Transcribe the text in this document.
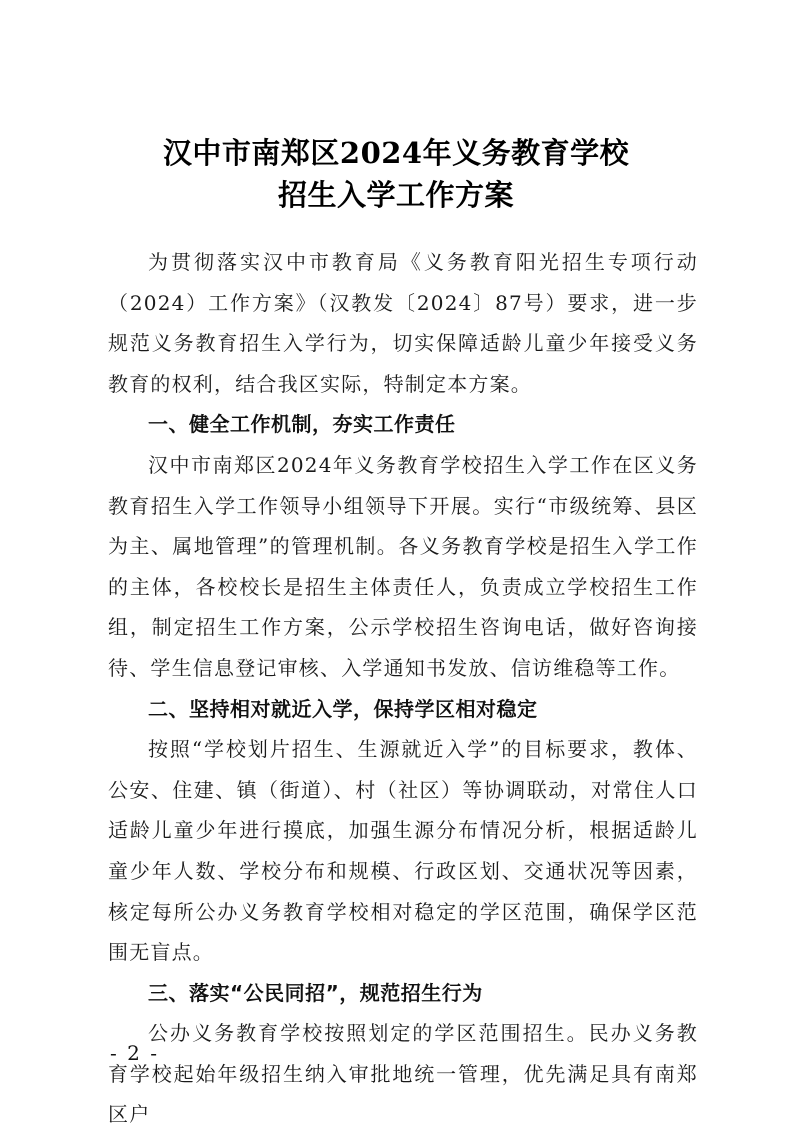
汉中市南郑区2024年义务教育学校
招生入学工作方案

为贯彻落实汉中市教育局《义务教育阳光招生专项行动（2024）工作方案》（汉教发〔2024〕87号）要求，进一步规范义务教育招生入学行为，切实保障适龄儿童少年接受义务教育的权利，结合我区实际，特制定本方案。

一、健全工作机制，夯实工作责任

汉中市南郑区2024年义务教育学校招生入学工作在区义务教育招生入学工作领导小组领导下开展。实行“市级统筹、县区为主、属地管理”的管理机制。各义务教育学校是招生入学工作的主体，各校校长是招生主体责任人，负责成立学校招生工作组，制定招生工作方案，公示学校招生咨询电话，做好咨询接待、学生信息登记审核、入学通知书发放、信访维稳等工作。

二、坚持相对就近入学，保持学区相对稳定

按照“学校划片招生、生源就近入学”的目标要求，教体、公安、住建、镇（街道）、村（社区）等协调联动，对常住人口适龄儿童少年进行摸底，加强生源分布情况分析，根据适龄儿童少年人数、学校分布和规模、行政区划、交通状况等因素，核定每所公办义务教育学校相对稳定的学区范围，确保学区范围无盲点。

三、落实“公民同招”，规范招生行为

公办义务教育学校按照划定的学区范围招生。民办义务教育学校起始年级招生纳入审批地统一管理，优先满足具有南郑区户

- 2 -
